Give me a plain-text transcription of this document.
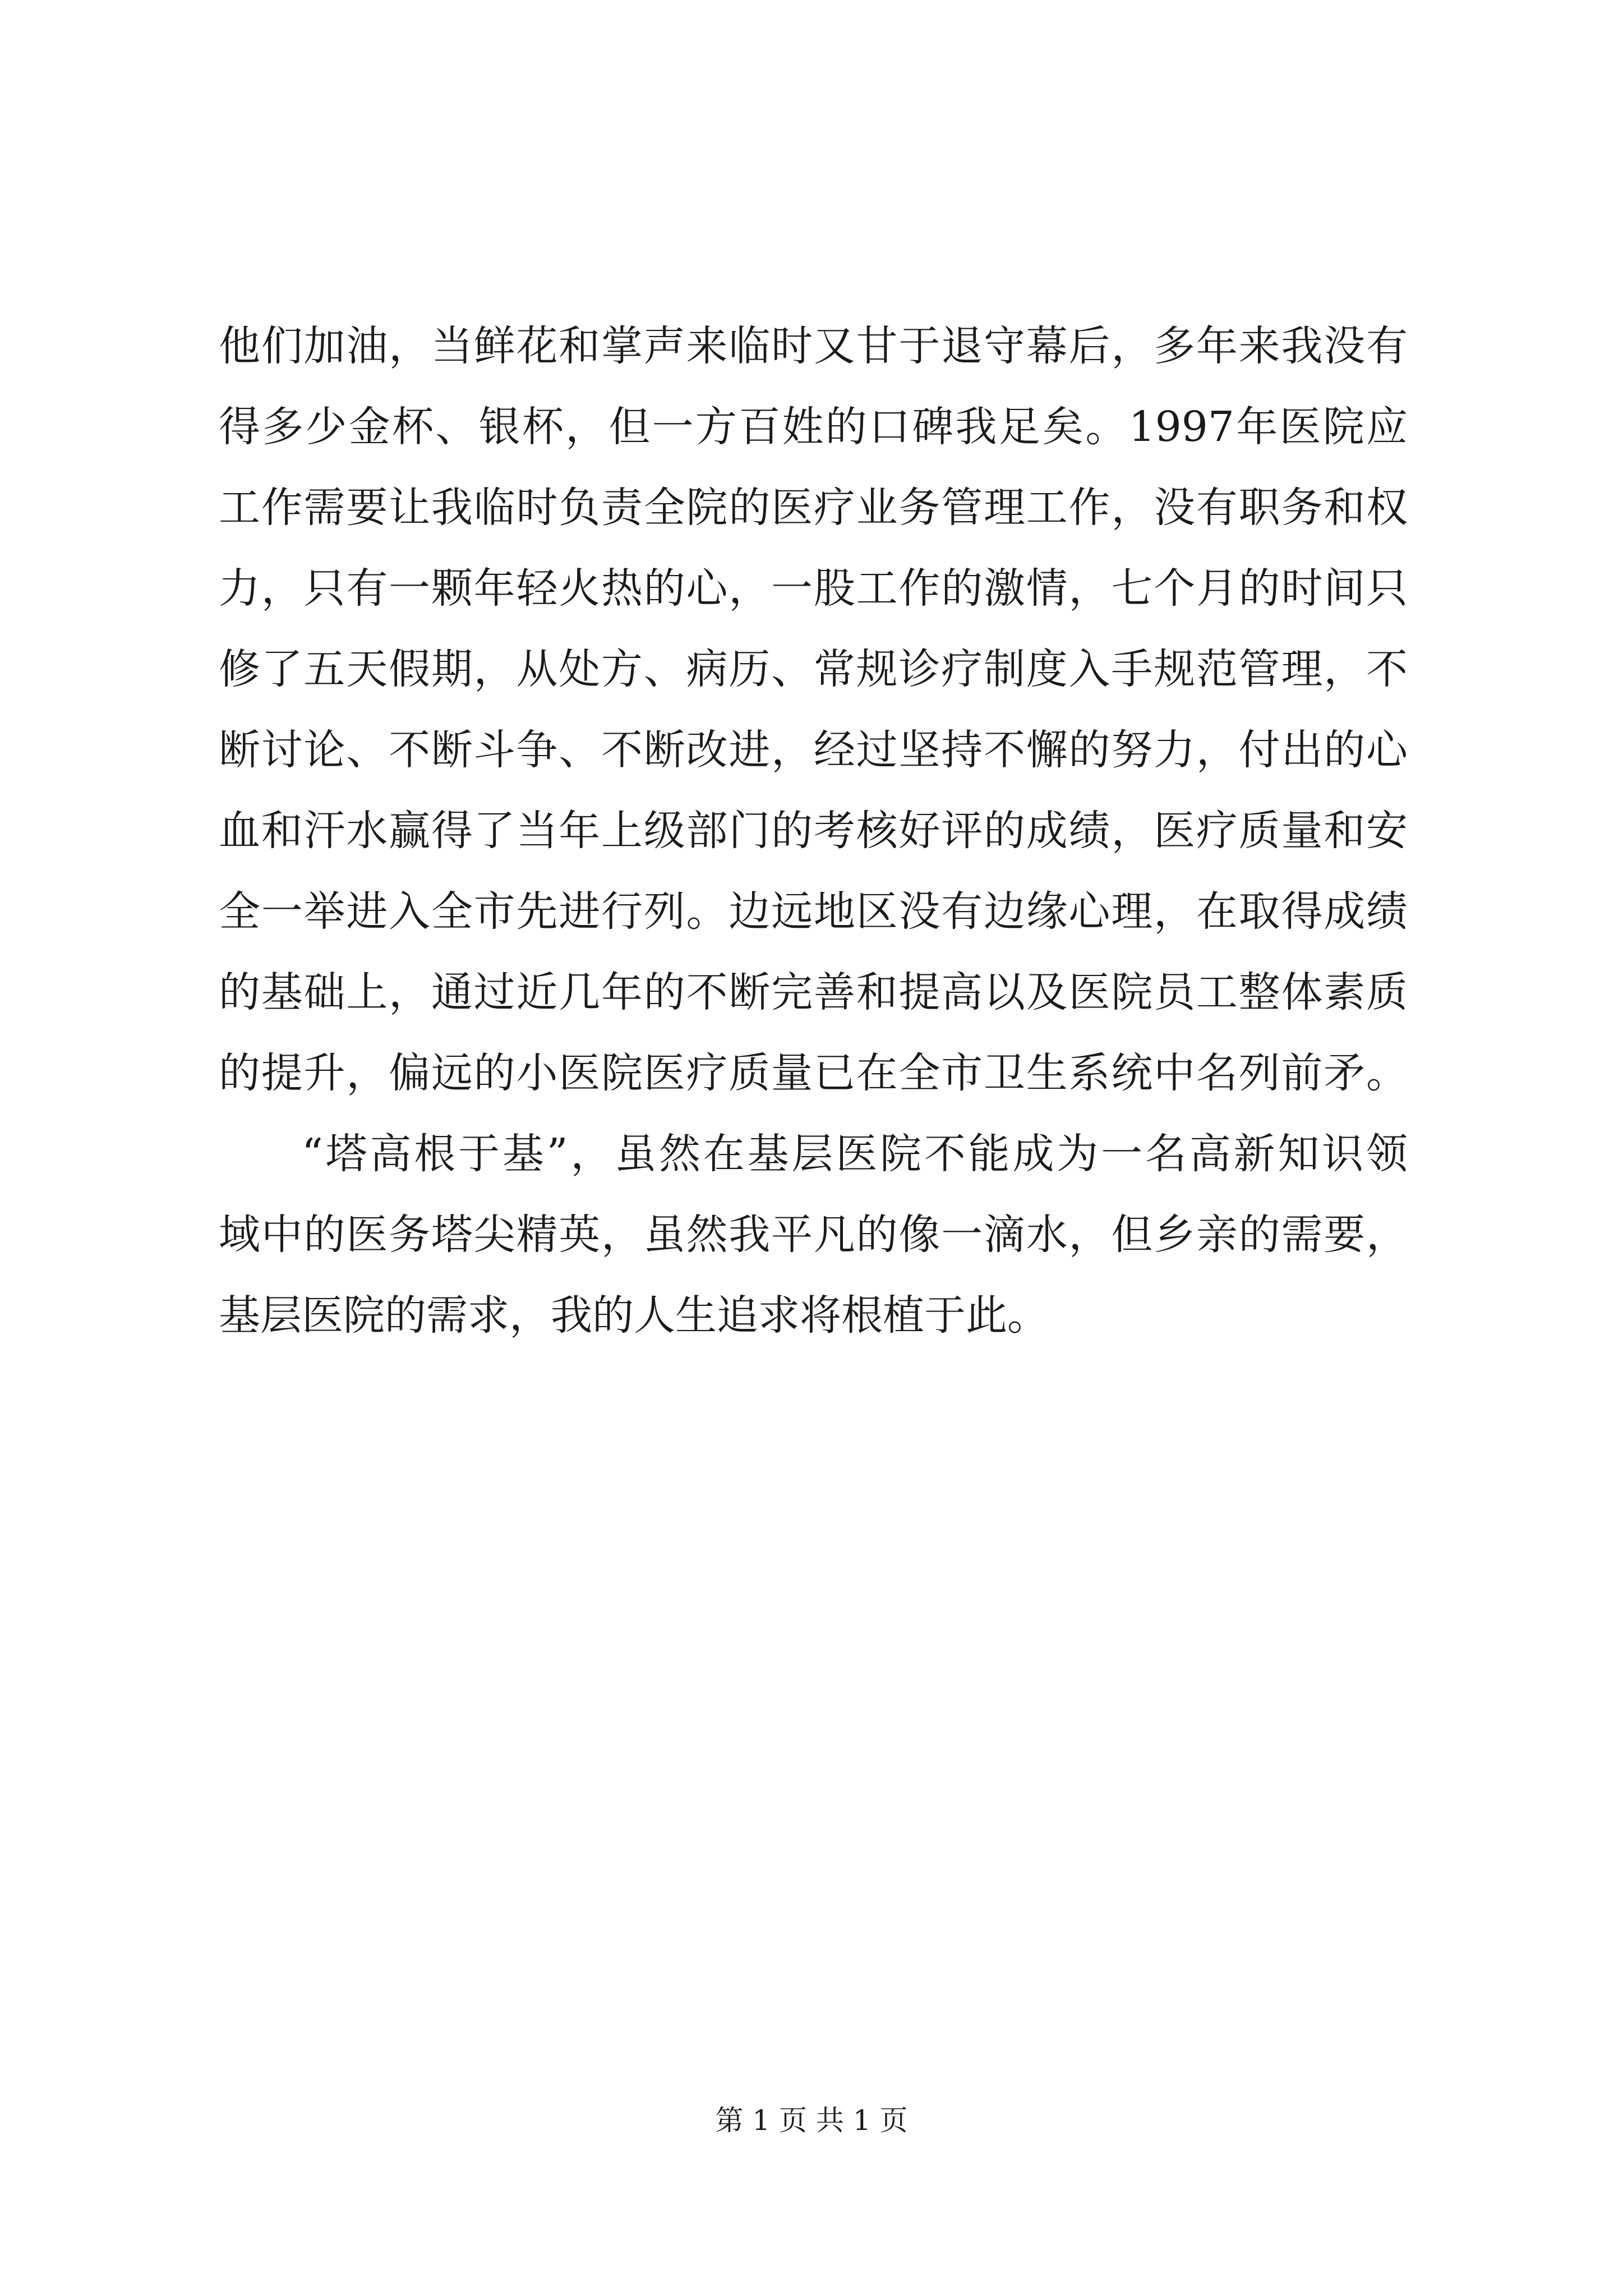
他们加油，当鲜花和掌声来临时又甘于退守幕后，多年来我没有
得多少金杯、银杯，但一方百姓的口碑我足矣。1997年医院应
工作需要让我临时负责全院的医疗业务管理工作，没有职务和权
力，只有一颗年轻火热的心，一股工作的激情，七个月的时间只
修了五天假期，从处方、病历、常规诊疗制度入手规范管理，不
断讨论、不断斗争、不断改进，经过坚持不懈的努力，付出的心
血和汗水赢得了当年上级部门的考核好评的成绩，医疗质量和安
全一举进入全市先进行列。边远地区没有边缘心理，在取得成绩
的基础上，通过近几年的不断完善和提高以及医院员工整体素质
的提升，偏远的小医院医疗质量已在全市卫生系统中名列前矛。
“塔高根于基”，虽然在基层医院不能成为一名高新知识领
域中的医务塔尖精英，虽然我平凡的像一滴水，但乡亲的需要，
基层医院的需求，我的人生追求将根植于此。
第 1 页 共 1 页
